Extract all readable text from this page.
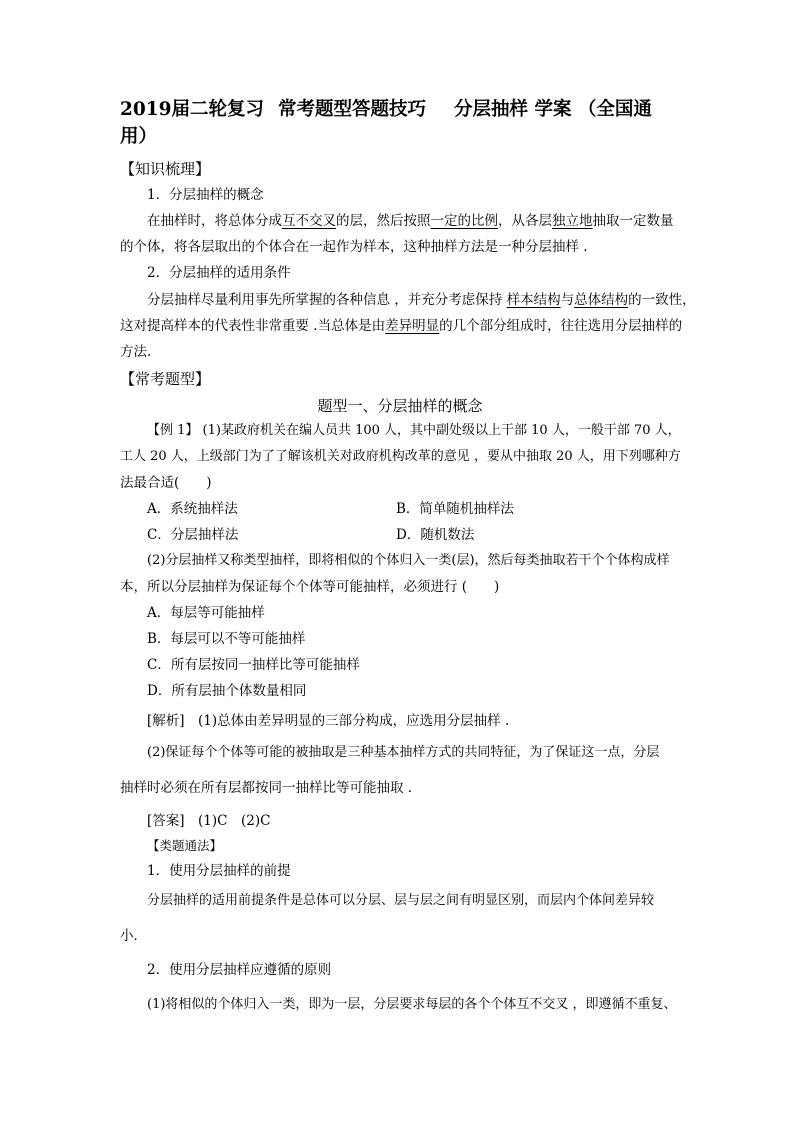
2019届二轮复习 常考题型答题技巧 分层抽样 学案 （全国通
用）
【知识梳理】
1．分层抽样的概念
在抽样时，将总体分成互不交叉的层，然后按照一定的比例，从各层独立地抽取一定数量
的个体，将各层取出的个体合在一起作为样本，这种抽样方法是一种分层抽样 .
2．分层抽样的适用条件
分层抽样尽量利用事先所掌握的各种信息 ，并充分考虑保持 样本结构与总体结构的一致性，
这对提高样本的代表性非常重要 .当总体是由差异明显的几个部分组成时，往往选用分层抽样的
方法.
【常考题型】
题型一、分层抽样的概念
【例 1】 (1)某政府机关在编人员共 100 人，其中副处级以上干部 10 人，一般干部 70 人，
工人 20 人，上级部门为了了解该机关对政府机构改革的意见 ，要从中抽取 20 人，用下列哪种方
法最合适(　　)
A．系统抽样法	B．简单随机抽样法
C．分层抽样法	D．随机数法
(2)分层抽样又称类型抽样，即将相似的个体归入一类(层)，然后每类抽取若干个个体构成样
本，所以分层抽样为保证每个个体等可能抽样，必须进行 (　　)
A．每层等可能抽样
B．每层可以不等可能抽样
C．所有层按同一抽样比等可能抽样
D．所有层抽个体数量相同
[解析]　(1)总体由差异明显的三部分构成，应选用分层抽样 .
(2)保证每个个体等可能的被抽取是三种基本抽样方式的共同特征，为了保证这一点，分层
抽样时必须在所有层都按同一抽样比等可能抽取 .
[答案]　(1)C　(2)C
【类题通法】
1．使用分层抽样的前提
分层抽样的适用前提条件是总体可以分层、层与层之间有明显区别，而层内个体间差异较
小．
2．使用分层抽样应遵循的原则
(1)将相似的个体归入一类，即为一层，分层要求每层的各个个体互不交叉 ，即遵循不重复、
